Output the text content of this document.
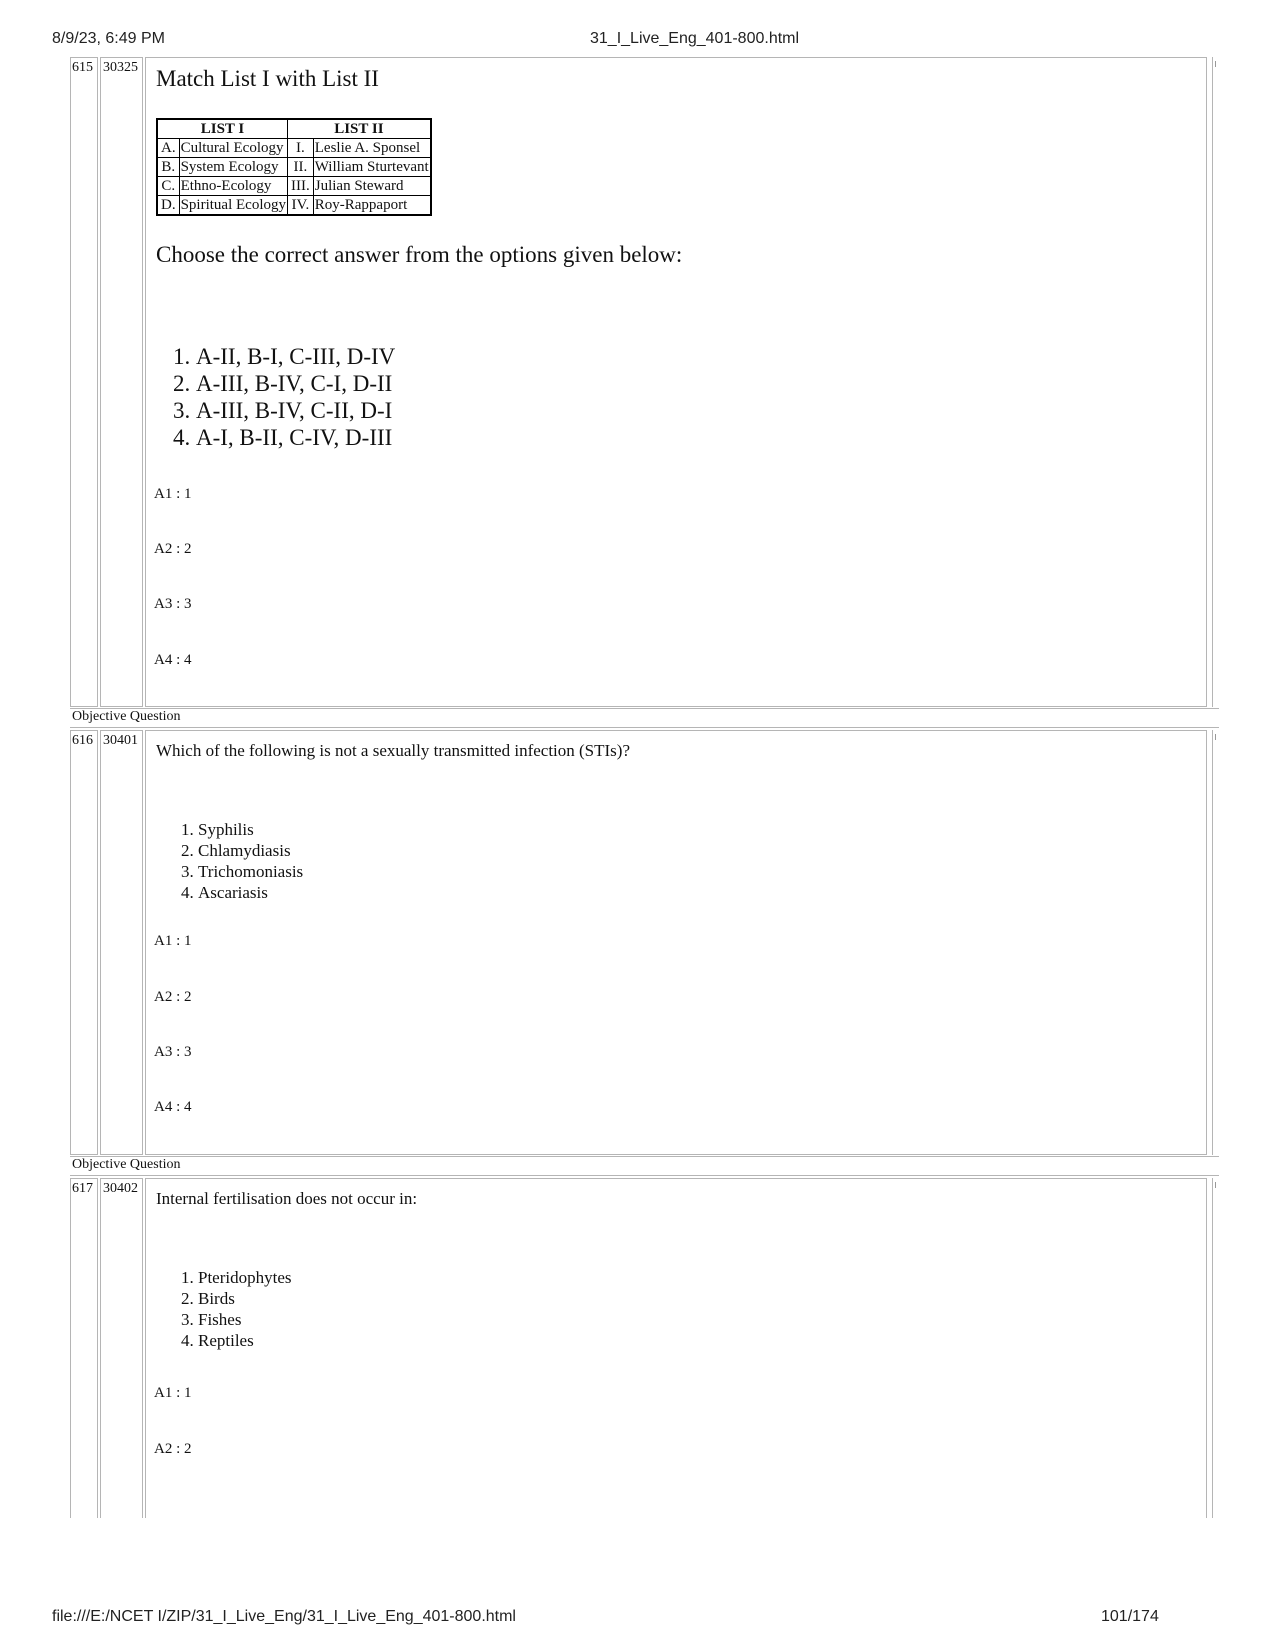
8/9/23, 6:49 PM	31_I_Live_Eng_401-800.html
615 30325 Match List I with List II
LIST I		LIST II	
A.	Cultural Ecology	I.	Leslie A. Sponsel
B.	System Ecology	II.	William Sturtevant
C.	Ethno-Ecology	III.	Julian Steward
D.	Spiritual Ecology	IV.	Roy-Rappaport
Choose the correct answer from the options given below:
1. A-II, B-I, C-III, D-IV
2. A-III, B-IV, C-I, D-II
3. A-III, B-IV, C-II, D-I
4. A-I, B-II, C-IV, D-III
A1 : 1
A2 : 2
A3 : 3
A4 : 4
Objective Question
616 30401
Which of the following is not a sexually transmitted infection (STIs)?
1. Syphilis
2. Chlamydiasis
3. Trichomoniasis
4. Ascariasis
A1 : 1
A2 : 2
A3 : 3
A4 : 4
Objective Question
617 30402
Internal fertilisation does not occur in:
1. Pteridophytes
2. Birds
3. Fishes
4. Reptiles
A1 : 1
A2 : 2
file:///E:/NCET I/ZIP/31_I_Live_Eng/31_I_Live_Eng_401-800.html	101/174
